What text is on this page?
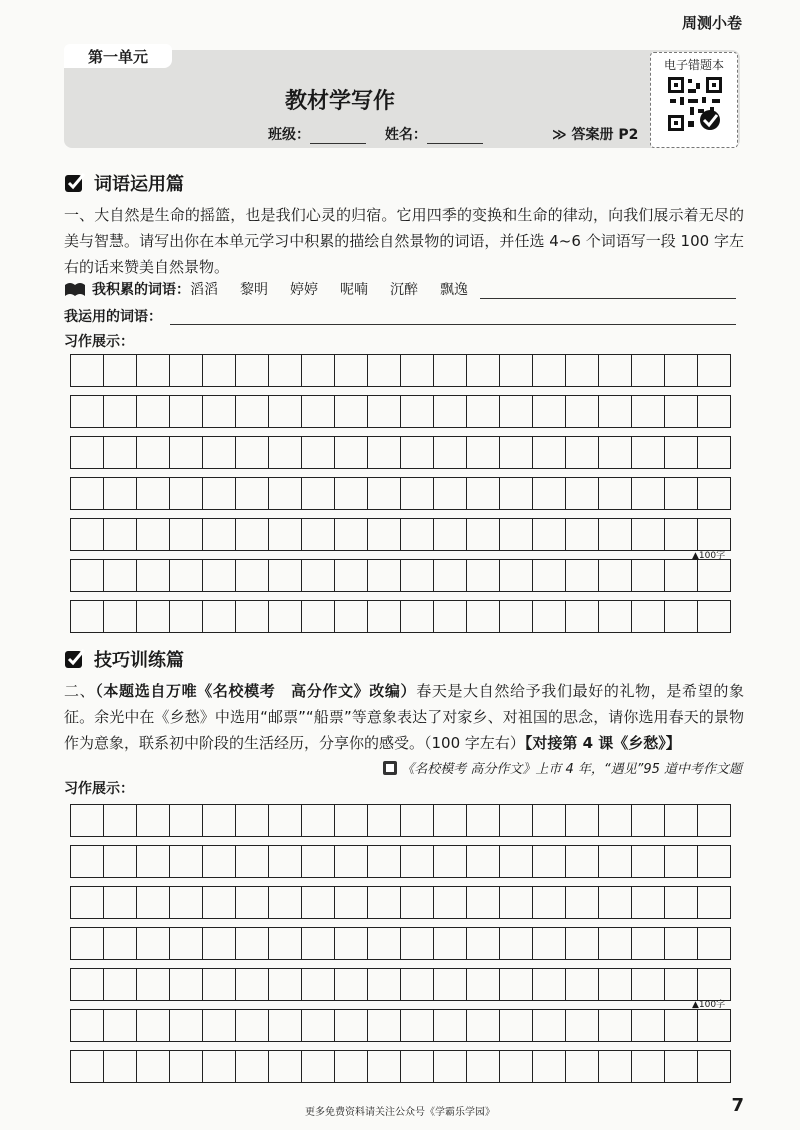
周测小卷
第一单元
教材学写作
班级：	姓名：	≫ 答案册 P2
电子错题本
词语运用篇
一、大自然是生命的摇篮，也是我们心灵的归宿。它用四季的变换和生命的律动，向我们展示着无尽的美与智慧。请写出你在本单元学习中积累的描绘自然景物的词语，并任选 4~6 个词语写一段 100 字左右的话来赞美自然景物。
我积累的词语： 滔滔 黎明 婷婷 呢喃 沉醉 飘逸
我运用的词语：
习作展示：
▲100字
技巧训练篇
二、（本题选自万唯《名校模考　高分作文》改编）春天是大自然给予我们最好的礼物，是希望的象征。余光中在《乡愁》中选用“邮票”“船票”等意象表达了对家乡、对祖国的思念，请你选用春天的景物作为意象，联系初中阶段的生活经历，分享你的感受。（100 字左右）【对接第 4 课《乡愁》】
《名校模考 高分作文》上市 4 年，“遇见”95 道中考作文题
习作展示：
▲100字
更多免费资料请关注公众号《学霸乐学园》	7
